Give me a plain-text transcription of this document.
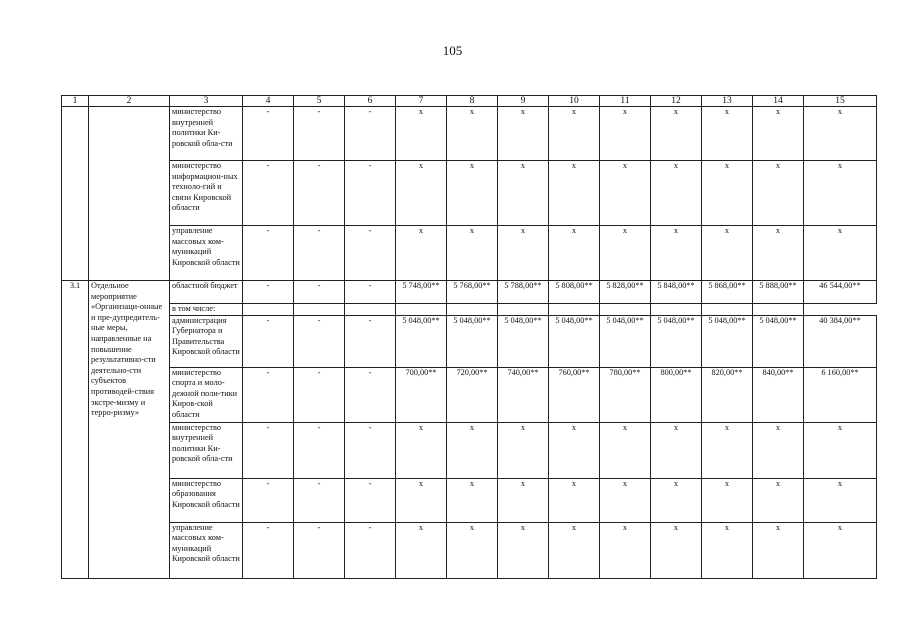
105
1	2	3	4	5	6	7	8	9	10	11	12	13	14	15
		министерство внутренней политики Ки-ровской обла-сти	-	-	-	х	х	х	х	х	х	х	х	х
		министерство информацион-ных техноло-гий и связи Кировской области	-	-	-	х	х	х	х	х	х	х	х	х
		управление массовых ком-муникаций Кировской области	-	-	-	х	х	х	х	х	х	х	х	х
3.1	Отдельное мероприятие «Организаци-онные и пре-дупредитель-ные меры, направленные на повышение результативно-сти деятельно-сти субъектов противодей-ствия экстре-мизму и терро-ризму»	областной бюджет	-	-	-	5 748,00**	5 768,00**	5 788,00**	5 808,00**	5 828,00**	5 848,00**	5 868,00**	5 888,00**	46 544,00**
		в том числе:												
		администрация Губернатора и Правительства Кировской области	-	-	-	5 048,00**	5 048,00**	5 048,00**	5 048,00**	5 048,00**	5 048,00**	5 048,00**	5 048,00**	40 384,00**
		министерство спорта и моло-дежной поли-тики Киров-ской области	-	-	-	700,00**	720,00**	740,00**	760,00**	780,00**	800,00**	820,00**	840,00**	6 160,00**
		министерство внутренней политики Ки-ровской обла-сти	-	-	-	х	х	х	х	х	х	х	х	х
		министерство образования Кировской области	-	-	-	х	х	х	х	х	х	х	х	х
		управление массовых ком-муникаций Кировской области	-	-	-	х	х	х	х	х	х	х	х	х
